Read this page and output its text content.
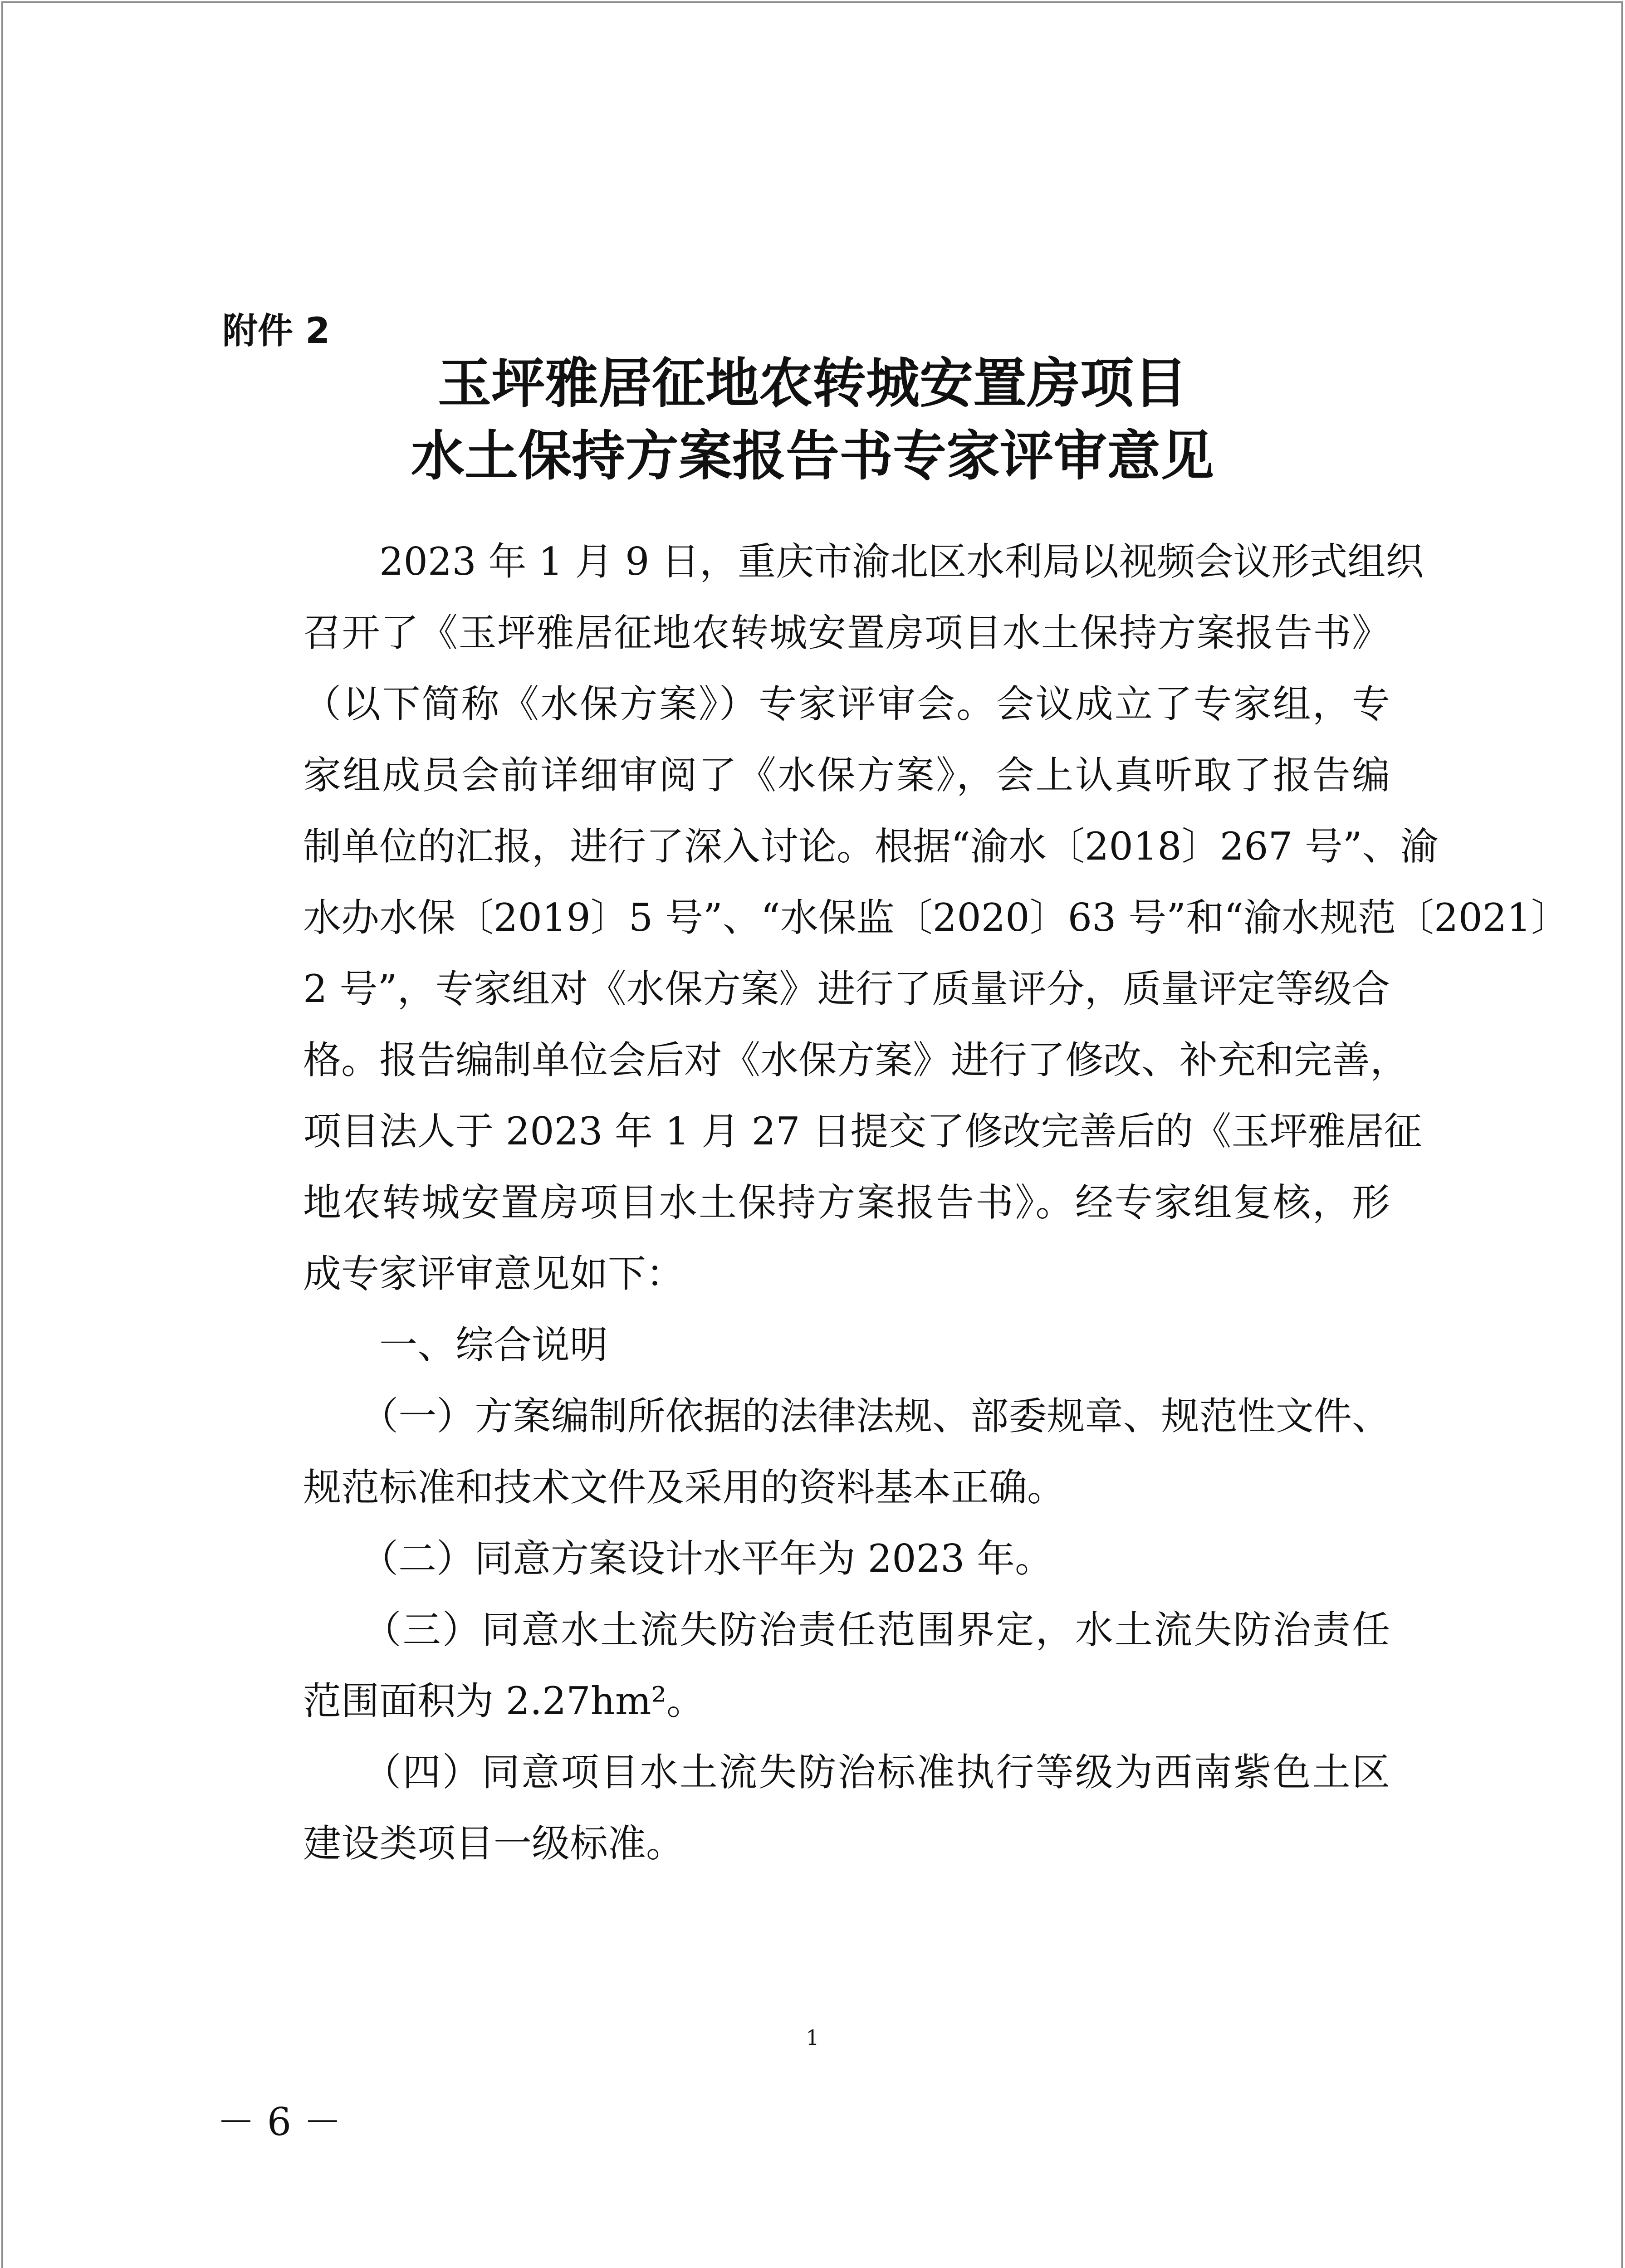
附件 2
玉坪雅居征地农转城安置房项目
水土保持方案报告书专家评审意见
　　2023 年 1 月 9 日，重庆市渝北区水利局以视频会议形式组织
召开了《玉坪雅居征地农转城安置房项目水土保持方案报告书》
（以下简称《水保方案》）专家评审会。会议成立了专家组，专
家组成员会前详细审阅了《水保方案》，会上认真听取了报告编
制单位的汇报，进行了深入讨论。根据“渝水〔2018〕267 号”、渝
水办水保〔2019〕5 号”、“水保监〔2020〕63 号”和“渝水规范〔2021〕
2 号”，专家组对《水保方案》进行了质量评分，质量评定等级合
格。报告编制单位会后对《水保方案》进行了修改、补充和完善，
项目法人于 2023 年 1 月 27 日提交了修改完善后的《玉坪雅居征
地农转城安置房项目水土保持方案报告书》。经专家组复核，形
成专家评审意见如下：
　　一、综合说明
　　（一）方案编制所依据的法律法规、部委规章、规范性文件、
规范标准和技术文件及采用的资料基本正确。
　　（二）同意方案设计水平年为 2023 年。
　　（三）同意水土流失防治责任范围界定，水土流失防治责任
范围面积为 2.27hm²。
　　（四）同意项目水土流失防治标准执行等级为西南紫色土区
建设类项目一级标准。
1
－ 6 －
